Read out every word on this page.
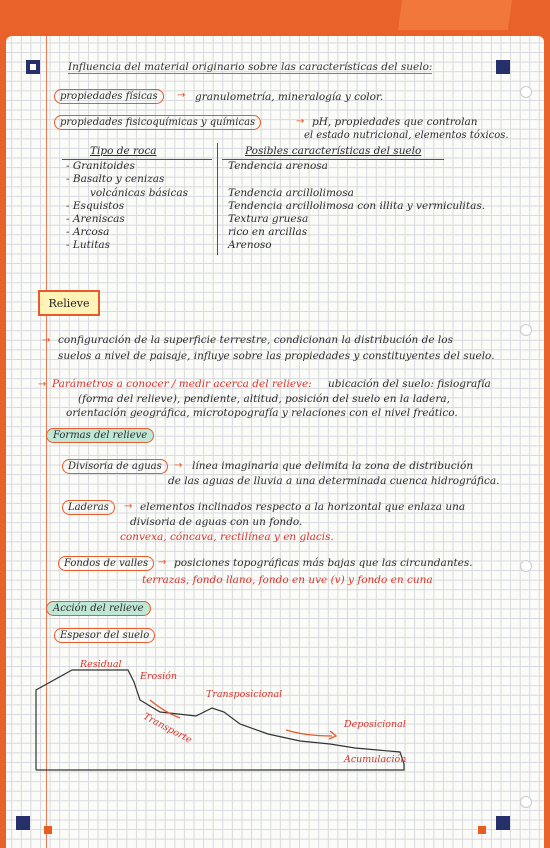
Influencia del material originario sobre las características del suelo:
propiedades físicas	→ granulometría, mineralogía y color.
propiedades fisicoquímicas y químicas	→ pH, propiedades que controlan
el estado nutricional, elementos tóxicos.
Tipo de roca	Posibles características del suelo
- Granitoides	Tendencia arenosa
- Basalto y cenizas
volcánicas básicas	Tendencia arcillolimosa
- Esquistos	Tendencia arcillolimosa con illita y vermiculitas.
- Areniscas	Textura gruesa
- Arcosa	rico en arcillas
- Lutitas	Arenoso
Relieve
→ configuración de la superficie terrestre, condicionan la distribución de los
suelos a nivel de paisaje, influye sobre las propiedades y constituyentes del suelo.
→ Parámetros a conocer / medir acerca del relieve: ubicación del suelo: fisiografía
(forma del relieve), pendiente, altitud, posición del suelo en la ladera,
orientación geográfica, microtopografía y relaciones con el nivel freático.
Formas del relieve
Divisoria de aguas	→ línea imaginaria que delimita la zona de distribución
de las aguas de lluvia a una determinada cuenca hidrográfica.
Laderas	→ elementos inclinados respecto a la horizontal que enlaza una
divisoria de aguas con un fondo.
convexa, cóncava, rectilínea y en glacis.
Fondos de valles → posiciones topográficas más bajas que las circundantes.
terrazas, fondo llano, fondo en uve (v) y fondo en cuna
Acción del relieve
Espesor del suelo
Residual
Erosión
Transposicional
Transporte	Deposicional
Acumulación
